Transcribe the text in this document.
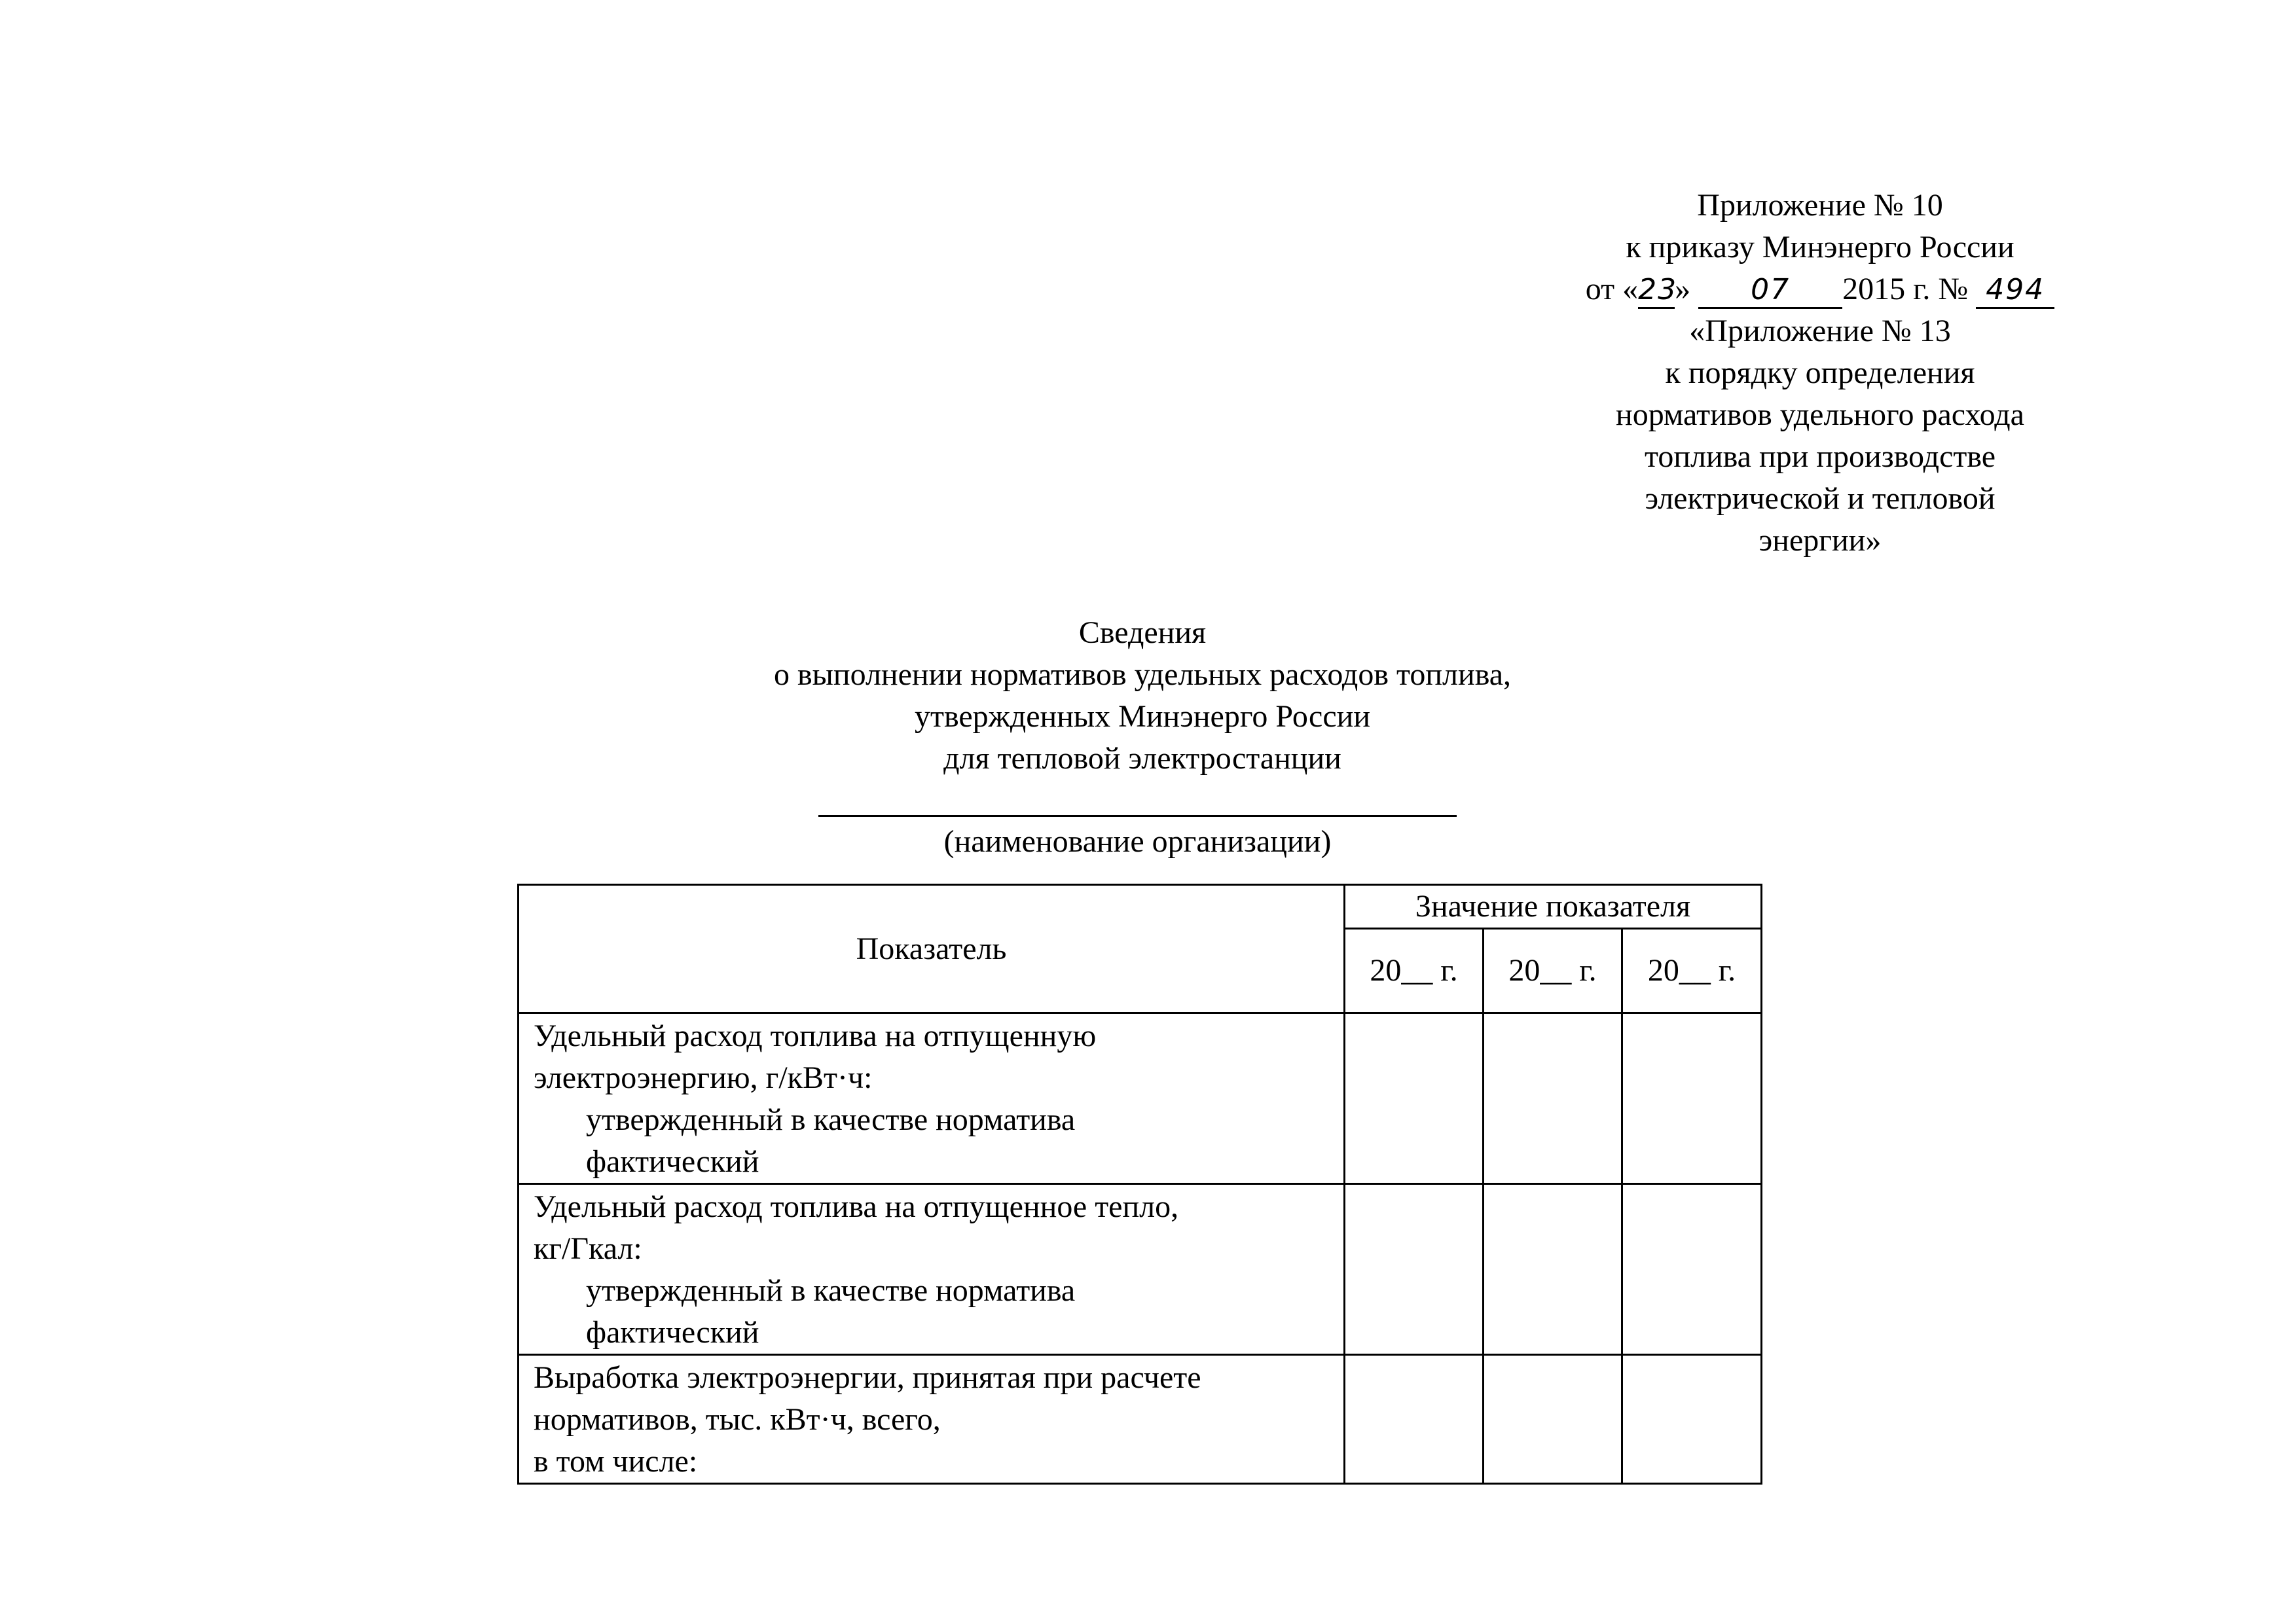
Приложение № 10
к приказу Минэнерго России
от «23» 07 2015 г. № 494
«Приложение № 13
к порядку определения
нормативов удельного расхода
топлива при производстве
электрической и тепловой
энергии»
Сведения
о выполнении нормативов удельных расходов топлива,
утвержденных Минэнерго России
для тепловой электростанции
(наименование организации)
Показатель	Значение показателя		
	20__ г.	20__ г.	20__ г.

Удельный расход топлива на отпущенную
электроэнергию, г/кВт·ч:
утвержденный в качестве норматива
фактический			

Удельный расход топлива на отпущенное тепло,
кг/Гкал:
утвержденный в качестве норматива
фактический			

Выработка электроэнергии, принятая при расчете
нормативов, тыс. кВт·ч, всего,
в том числе:			
